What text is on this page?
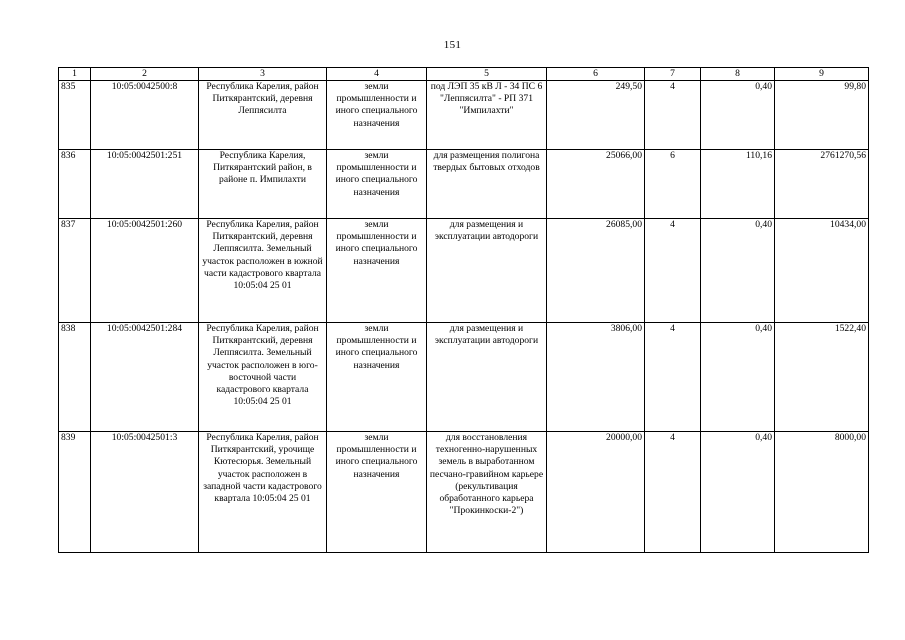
151
1	2	3	4	5	6	7	8	9
835	10:05:0042500:8	Республика Карелия, район Питкярантский, деревня Леппясилта	земли промышленности и иного специального назначения	под ЛЭП 35 кВ Л - 34 ПС 6 "Леппясилта" - РП 371 "Импилахти"	249,50	4	0,40	99,80
836	10:05:0042501:251	Республика Карелия, Питкярантский район, в районе п. Импилахти	земли промышленности и иного специального назначения	для размещения полигона твердых бытовых отходов	25066,00	6	110,16	2761270,56
837	10:05:0042501:260	Республика Карелия, район Питкярантский, деревня Леппясилта. Земельный участок расположен в южной части кадастрового квартала 10:05:04 25 01	земли промышленности и иного специального назначения	для размещения и эксплуатации автодороги	26085,00	4	0,40	10434,00
838	10:05:0042501:284	Республика Карелия, район Питкярантский, деревня Леппясилта. Земельный участок расположен в юго-восточной части кадастрового квартала 10:05:04 25 01	земли промышленности и иного специального назначения	для размещения и эксплуатации автодороги	3806,00	4	0,40	1522,40
839	10:05:0042501:3	Республика Карелия, район Питкярантский, урочище Кютесюрья. Земельный участок расположен в западной части кадастрового квартала 10:05:04 25 01	земли промышленности и иного специального назначения	для восстановления техногенно-нарушенных земель в выработанном песчано-гравийном карьере (рекультивация обработанного карьера "Прокинкоски-2")	20000,00	4	0,40	8000,00
